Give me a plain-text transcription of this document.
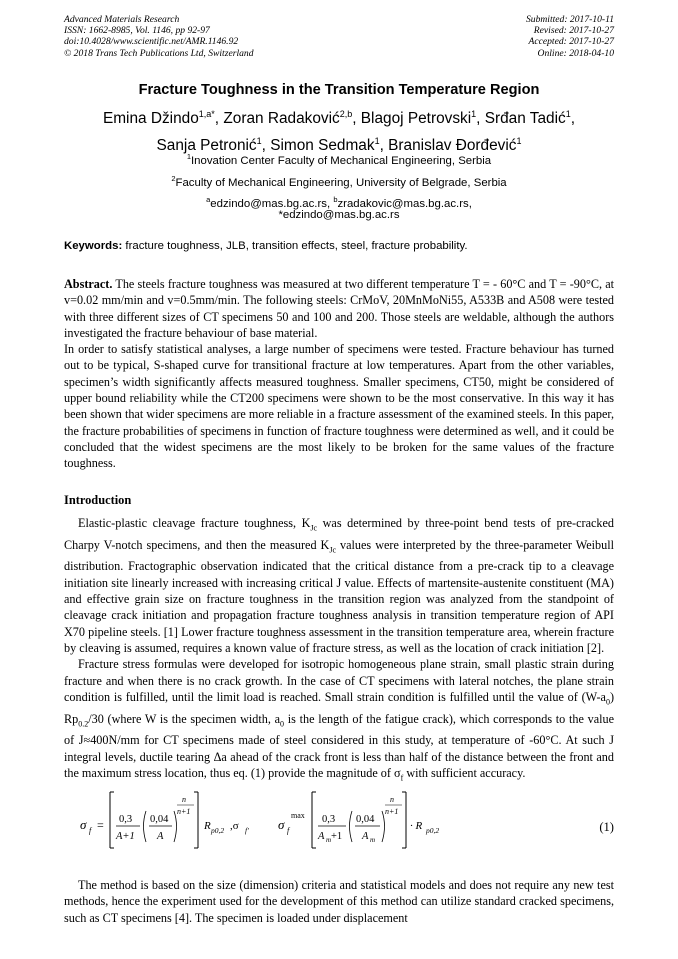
Advanced Materials Research
ISSN: 1662-8985, Vol. 1146, pp 92-97
doi:10.4028/www.scientific.net/AMR.1146.92
© 2018 Trans Tech Publications Ltd, Switzerland
Submitted: 2017-10-11
Revised: 2017-10-27
Accepted: 2017-10-27
Online: 2018-04-10
Fracture Toughness in the Transition Temperature Region
Emina Džindo$^{1,a*}$, Zoran Radaković$^{2,b}$, Blagoj Petrovski$^1$, Srđan Tadić$^1$,
Sanja Petronić$^1$, Simon Sedmak$^1$, Branislav Đorđević$^1$
$^1$Inovation Center Faculty of Mechanical Engineering, Serbia
$^2$Faculty of Mechanical Engineering, University of Belgrade, Serbia
$^a$edzindo@mas.bg.ac.rs, $^b$zradakovic@mas.bg.ac.rs,
*edzindo@mas.bg.ac.rs
Keywords: fracture toughness, JLB, transition effects, steel, fracture probability.

Abstract. The steels fracture toughness was measured at two different temperature T = - 60°C and T = -90°C, at v=0.02 mm/min and v=0.5mm/min. The following steels: CrMoV, 20MnMoNi55, A533B and A508 were tested with three different sizes of CT specimens 50 and 100 and 200. Those steels are weldable, although the authors investigated the fracture behaviour of base material.

In order to satisfy statistical analyses, a large number of specimens were tested. Fracture behaviour has turned out to be typical, S-shaped curve for transitional fracture at low temperatures. Apart from the other variables, specimen’s width significantly affects measured toughness. Smaller specimens, CT50, might be considered of upper bound reliability while the CT200 specimens were shown to be the most conservative. In this way it has been shown that wider specimens are more reliable in a fracture assessment of the examined steels. In this paper, the fracture probabilities of specimens in function of fracture toughness were determined as well, and it could be concluded that the widest specimens are the most likely to be broken for the same values of the fracture toughness.

Introduction

Elastic-plastic cleavage fracture toughness, $K_{Jc}$ was determined by three-point bend tests of pre-cracked Charpy V-notch specimens, and then the measured $K_{Jc}$ values were interpreted by the three-parameter Weibull distribution. Fractographic observation indicated that the critical distance from a pre-crack tip to a cleavage initiation site linearly increased with increasing critical J value. Effects of martensite-austenite constituent (MA) and effective grain size on fracture toughness in the transition region was analyzed from the standpoint of cleavage crack initiation and propagation fracture toughness analysis in transition temperature region of API X70 pipeline steels. [1] Lower fracture toughness assessment in the transition temperature area, wherein fracture by cleaving is assumed, requires a known value of fracture stress, as well as the location of crack initiation [2].

Fracture stress formulas were developed for isotropic homogeneous plane strain, small plastic strain during fracture and when there is no crack growth. In the case of CT specimens with lateral notches, the plane strain condition is fulfilled, until the limit load is reached. Small strain condition is fulfilled until the value of $(W-a_0)$ $Rp_{0.2}/30$ (where W is the specimen width, $a_0$ is the length of the fatigue crack), which corresponds to the value of J≈400N/mm for CT specimens made of steel considered in this study, at temperature of -60°C. At such J integral levels, ductile tearing Δa ahead of the crack front is less than half of the distance between the front and the maximum stress location, thus eq. (1) provide the magnitude of $\sigma_f$ with sufficient accuracy.

σ f = 0,3
A+1
0,04
A
n
n+1
R p0,2 ,σ f' σ f
max 0,3
A m +1
0,04
A m
n
n+1
· R p0,2	(1)

The method is based on the size (dimension) criteria and statistical models and does not require any new test methods, hence the experiment used for the development of this method can utilize standard cracked specimens, such as CT specimens [4]. The specimen is loaded under displacement
